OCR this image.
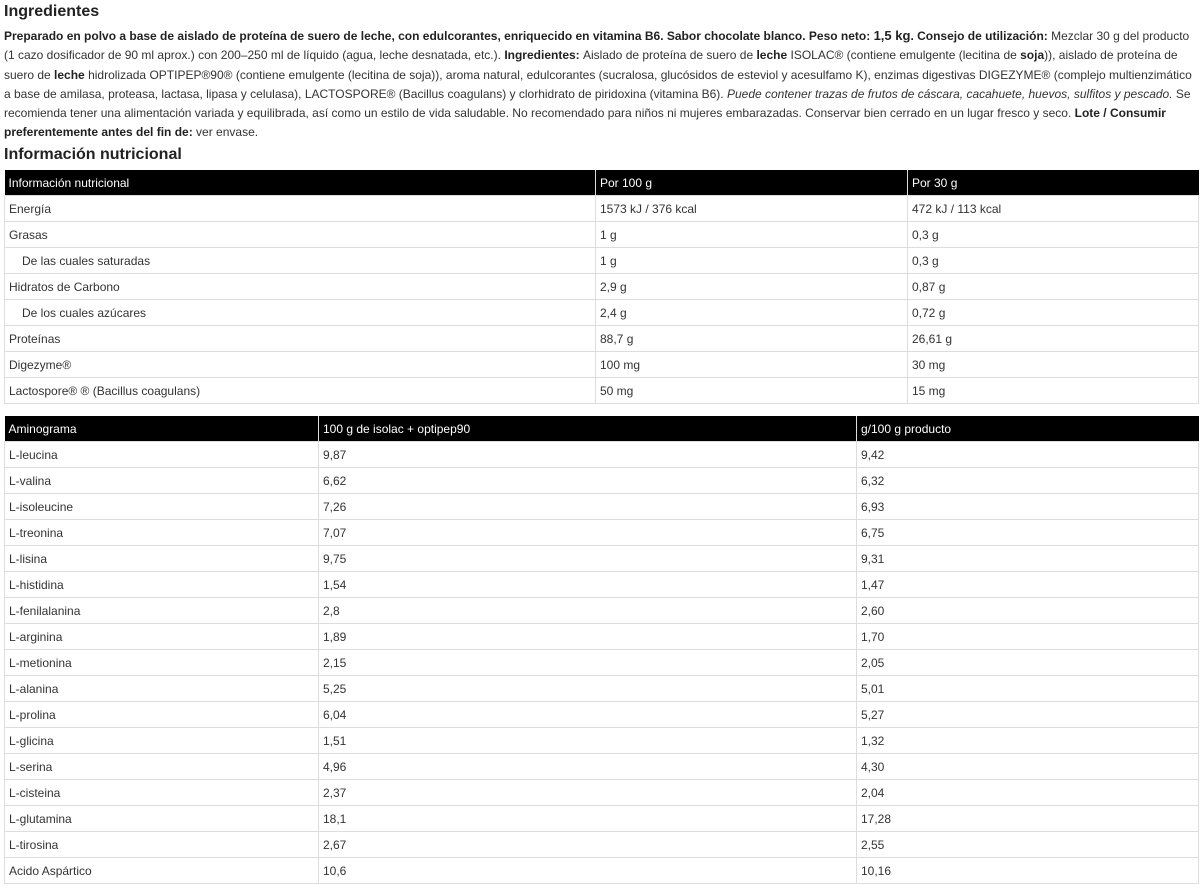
Ingredientes

Preparado en polvo a base de aislado de proteína de suero de leche, con edulcorantes, enriquecido en vitamina B6. Sabor chocolate blanco. Peso neto: 1,5 kg. Consejo de utilización: Mezclar 30 g del producto (1 cazo dosificador de 90 ml aprox.) con 200–250 ml de líquido (agua, leche desnatada, etc.). Ingredientes: Aislado de proteína de suero de leche ISOLAC® (contiene emulgente (lecitina de soja)), aislado de proteína de suero de leche hidrolizada OPTIPEP®90® (contiene emulgente (lecitina de soja)), aroma natural, edulcorantes (sucralosa, glucósidos de esteviol y acesulfamo K), enzimas digestivas DIGEZYME® (complejo multienzimático a base de amilasa, proteasa, lactasa, lipasa y celulasa), LACTOSPORE® (Bacillus coagulans) y clorhidrato de piridoxina (vitamina B6). Puede contener trazas de frutos de cáscara, cacahuete, huevos, sulfitos y pescado. Se recomienda tener una alimentación variada y equilibrada, así como un estilo de vida saludable. No recomendado para niños ni mujeres embarazadas. Conservar bien cerrado en un lugar fresco y seco. Lote / Consumir preferentemente antes del fin de: ver envase.

Información nutricional
Información nutricional	Por 100 g	Por 30 g
Energía	1573 kJ / 376 kcal	472 kJ / 113 kcal
Grasas	1 g	0,3 g
De las cuales saturadas	1 g	0,3 g
Hidratos de Carbono	2,9 g	0,87 g
De los cuales azúcares	2,4 g	0,72 g
Proteínas	88,7 g	26,61 g
Digezyme®	100 mg	30 mg
Lactospore® ® (Bacillus coagulans)	50 mg	15 mg
Aminograma	100 g de isolac + optipep90	g/100 g producto
L-leucina	9,87	9,42
L-valina	6,62	6,32
L-isoleucine	7,26	6,93
L-treonina	7,07	6,75
L-lisina	9,75	9,31
L-histidina	1,54	1,47
L-fenilalanina	2,8	2,60
L-arginina	1,89	1,70
L-metionina	2,15	2,05
L-alanina	5,25	5,01
L-prolina	6,04	5,27
L-glicina	1,51	1,32
L-serina	4,96	4,30
L-cisteina	2,37	2,04
L-glutamina	18,1	17,28
L-tirosina	2,67	2,55
Acido Aspártico	10,6	10,16
